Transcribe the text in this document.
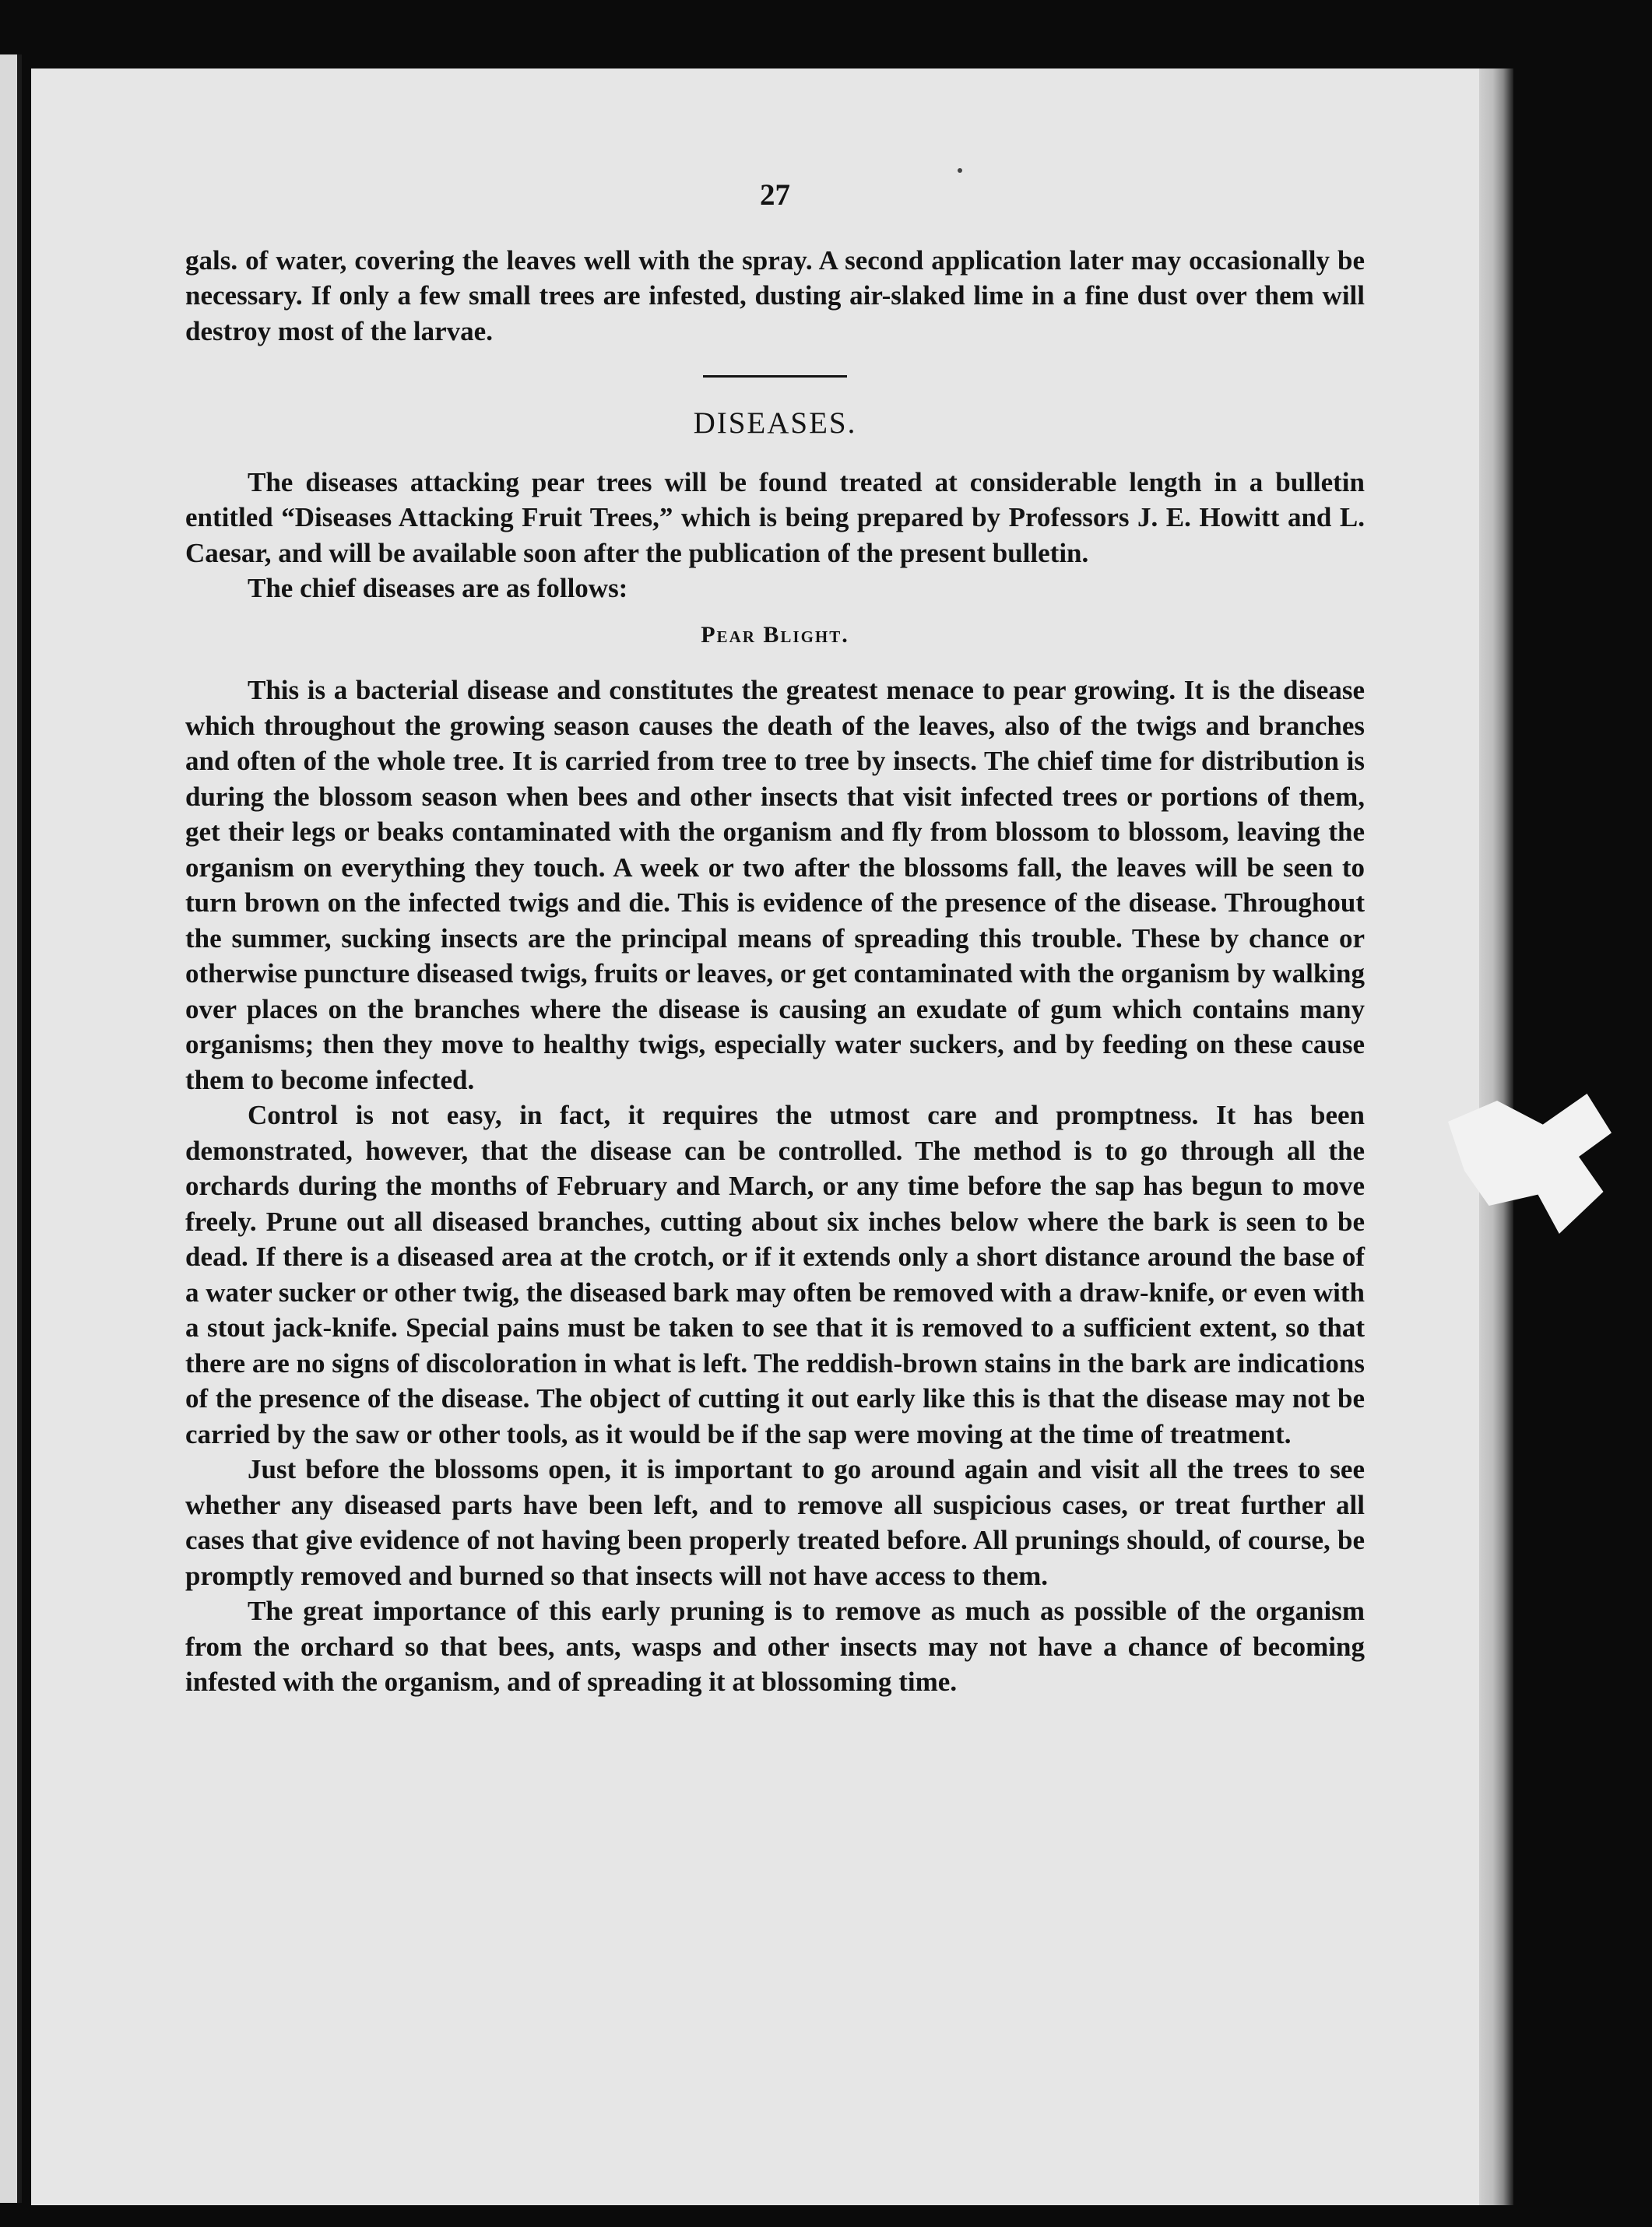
27

gals. of water, covering the leaves well with the spray. A second application later may occasionally be necessary. If only a few small trees are infested, dusting air-slaked lime in a fine dust over them will destroy most of the larvae.

DISEASES.

The diseases attacking pear trees will be found treated at considerable length in a bulletin entitled “Diseases Attacking Fruit Trees,” which is being prepared by Professors J. E. Howitt and L. Caesar, and will be available soon after the publication of the present bulletin.

The chief diseases are as follows:

Pear Blight.

This is a bacterial disease and constitutes the greatest menace to pear growing. It is the disease which throughout the growing season causes the death of the leaves, also of the twigs and branches and often of the whole tree. It is carried from tree to tree by insects. The chief time for distribution is during the blossom season when bees and other insects that visit infected trees or portions of them, get their legs or beaks contaminated with the organism and fly from blossom to blossom, leaving the organism on everything they touch. A week or two after the blossoms fall, the leaves will be seen to turn brown on the infected twigs and die. This is evidence of the presence of the disease. Throughout the summer, sucking insects are the principal means of spreading this trouble. These by chance or otherwise puncture diseased twigs, fruits or leaves, or get contaminated with the organism by walking over places on the branches where the disease is causing an exudate of gum which contains many organisms; then they move to healthy twigs, especially water suckers, and by feeding on these cause them to become infected.

Control is not easy, in fact, it requires the utmost care and promptness. It has been demonstrated, however, that the disease can be controlled. The method is to go through all the orchards during the months of February and March, or any time before the sap has begun to move freely. Prune out all diseased branches, cutting about six inches below where the bark is seen to be dead. If there is a diseased area at the crotch, or if it extends only a short distance around the base of a water sucker or other twig, the diseased bark may often be removed with a draw-knife, or even with a stout jack-knife. Special pains must be taken to see that it is removed to a sufficient extent, so that there are no signs of discoloration in what is left. The reddish-brown stains in the bark are indications of the presence of the disease. The object of cutting it out early like this is that the disease may not be carried by the saw or other tools, as it would be if the sap were moving at the time of treatment.

Just before the blossoms open, it is important to go around again and visit all the trees to see whether any diseased parts have been left, and to remove all suspicious cases, or treat further all cases that give evidence of not having been properly treated before. All prunings should, of course, be promptly removed and burned so that insects will not have access to them.

The great importance of this early pruning is to remove as much as possible of the organism from the orchard so that bees, ants, wasps and other insects may not have a chance of becoming infested with the organism, and of spreading it at blossoming time.
